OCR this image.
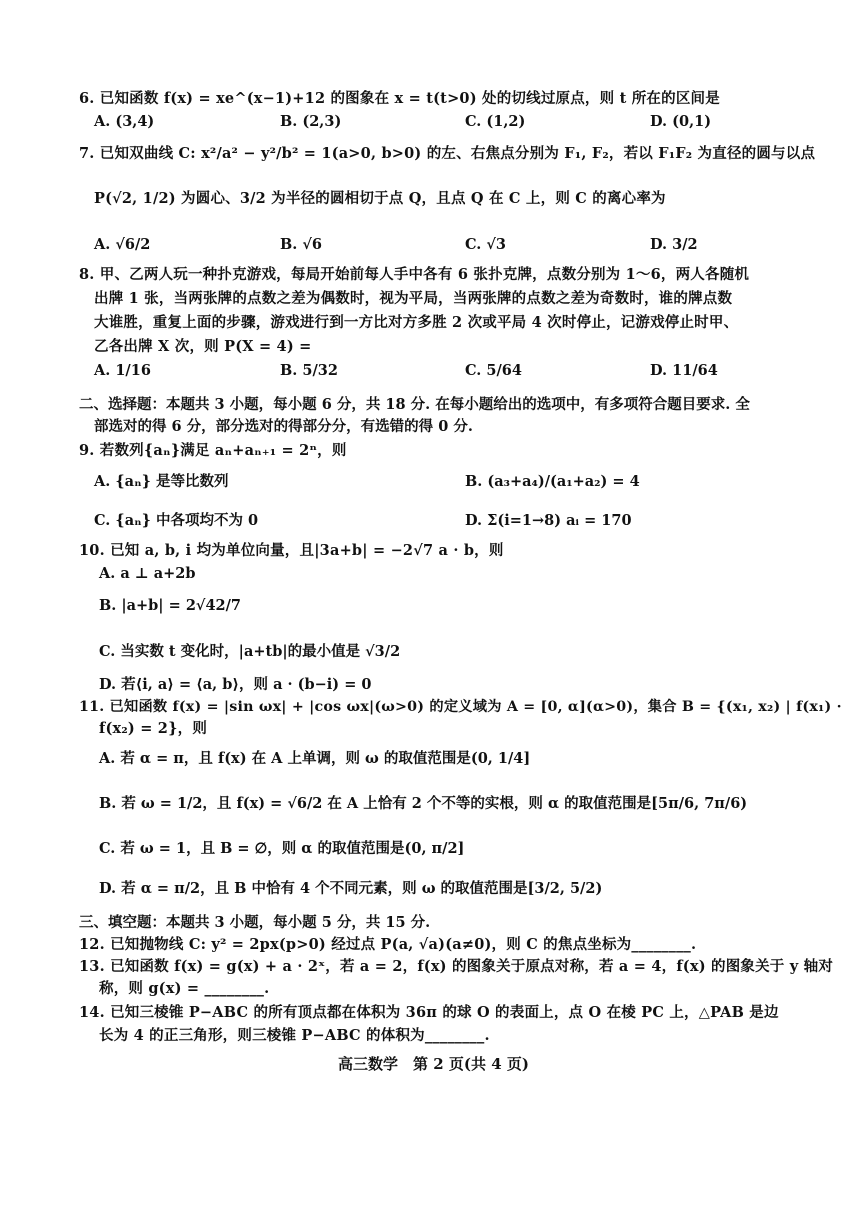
6. 已知函数 f(x) = xe^(x−1)+12 的图象在 x = t(t>0) 处的切线过原点，则 t 所在的区间是
A. (3,4)	B. (2,3)	C. (1,2)	D. (0,1)
7. 已知双曲线 C: x²/a² − y²/b² = 1(a>0, b>0) 的左、右焦点分别为 F₁, F₂，若以 F₁F₂ 为直径的圆与以点
P(√2, 1/2) 为圆心、3/2 为半径的圆相切于点 Q，且点 Q 在 C 上，则 C 的离心率为
A. √6/2	B. √6	C. √3	D. 3/2
8. 甲、乙两人玩一种扑克游戏，每局开始前每人手中各有 6 张扑克牌，点数分别为 1～6，两人各随机
出牌 1 张，当两张牌的点数之差为偶数时，视为平局，当两张牌的点数之差为奇数时，谁的牌点数
大谁胜，重复上面的步骤，游戏进行到一方比对方多胜 2 次或平局 4 次时停止，记游戏停止时甲、
乙各出牌 X 次，则 P(X = 4) =
A. 1/16	B. 5/32	C. 5/64	D. 11/64
二、选择题：本题共 3 小题，每小题 6 分，共 18 分. 在每小题给出的选项中，有多项符合题目要求. 全
部选对的得 6 分，部分选对的得部分分，有选错的得 0 分.
9. 若数列{aₙ}满足 aₙ+aₙ₊₁ = 2ⁿ，则
A. {aₙ} 是等比数列	B. (a₃+a₄)/(a₁+a₂) = 4
C. {aₙ} 中各项均不为 0	D. Σ(i=1→8) aᵢ = 170
10. 已知 a, b, i 均为单位向量，且|3a+b| = −2√7 a · b，则
A. a ⊥ a+2b
B. |a+b| = 2√42/7
C. 当实数 t 变化时，|a+tb|的最小值是 √3/2
D. 若⟨i, a⟩ = ⟨a, b⟩，则 a · (b−i) = 0
11. 已知函数 f(x) = |sin ωx| + |cos ωx|(ω>0) 的定义域为 A = [0, α](α>0)，集合 B = {(x₁, x₂) | f(x₁) ·
f(x₂) = 2}，则
A. 若 α = π，且 f(x) 在 A 上单调，则 ω 的取值范围是(0, 1/4]
B. 若 ω = 1/2，且 f(x) = √6/2 在 A 上恰有 2 个不等的实根，则 α 的取值范围是[5π/6, 7π/6)
C. 若 ω = 1，且 B = ∅，则 α 的取值范围是(0, π/2]
D. 若 α = π/2，且 B 中恰有 4 个不同元素，则 ω 的取值范围是[3/2, 5/2)
三、填空题：本题共 3 小题，每小题 5 分，共 15 分.
12. 已知抛物线 C: y² = 2px(p>0) 经过点 P(a, √a)(a≠0)，则 C 的焦点坐标为________.
13. 已知函数 f(x) = g(x) + a · 2ˣ，若 a = 2，f(x) 的图象关于原点对称，若 a = 4，f(x) 的图象关于 y 轴对
称，则 g(x) = ________.
14. 已知三棱锥 P−ABC 的所有顶点都在体积为 36π 的球 O 的表面上，点 O 在棱 PC 上，△PAB 是边
长为 4 的正三角形，则三棱锥 P−ABC 的体积为________.
高三数学　第 2 页(共 4 页)
